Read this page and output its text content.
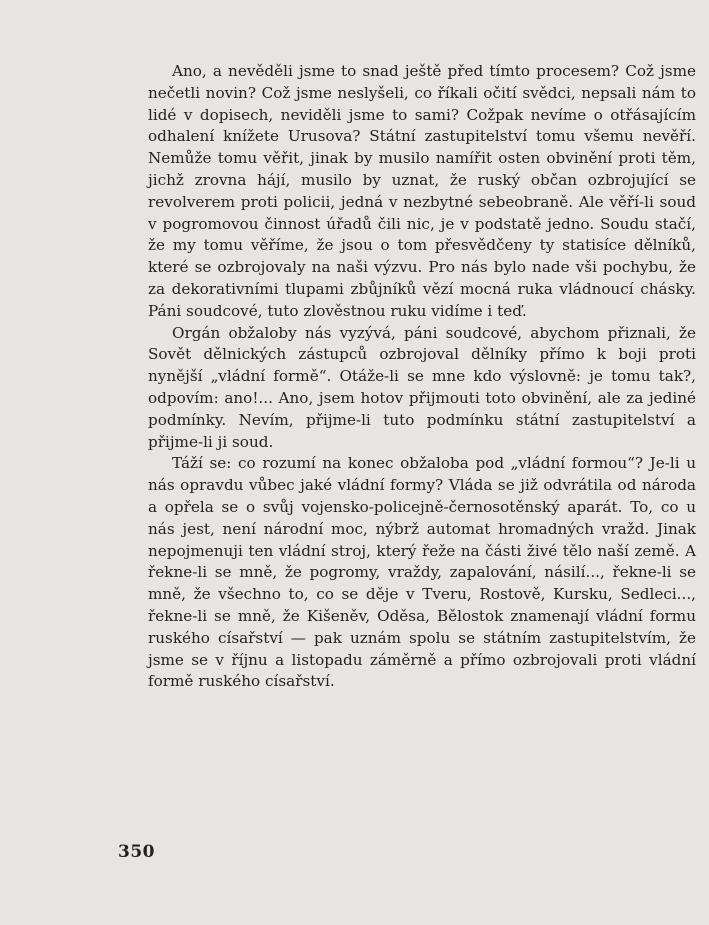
Ano, a nevěděli jsme to snad ještě před tímto procesem? Což jsme nečetli novin? Což jsme neslyšeli, co říkali očití svědci, nepsali nám to lidé v dopisech, neviděli jsme to sami? Cožpak nevíme o otřásajícím odhalení knížete Urusova? Státní zastupitelství tomu všemu nevěří. Nemůže tomu věřit, jinak by musilo namířit osten obvinění proti těm, jichž zrovna hájí, musilo by uznat, že ruský občan ozbrojující se revolverem proti policii, jedná v nezbytné sebeobraně. Ale věří-li soud v pogromovou činnost úřadů čili nic, je v podstatě jedno. Soudu stačí, že my tomu věříme, že jsou o tom přesvědčeny ty statisíce dělníků, které se ozbrojovaly na naši výzvu. Pro nás bylo nade vši pochybu, že za dekorativními tlupami zbůjníků vězí mocná ruka vládnoucí chásky. Páni soudcové, tuto zlověstnou ruku vidíme i teď.

Orgán obžaloby nás vyzývá, páni soudcové, abychom přiznali, že Sovět dělnických zástupců ozbrojoval dělníky přímo k boji proti nynější „vládní formě“. Otáže-li se mne kdo výslovně: je tomu tak?, odpovím: ano!... Ano, jsem hotov přijmouti toto obvinění, ale za jediné podmínky. Nevím, přijme-li tuto podmínku státní zastupitelství a přijme-li ji soud.

Táží se: co rozumí na konec obžaloba pod „vládní formou“? Je-li u nás opravdu vůbec jaké vládní formy? Vláda se již odvrátila od národa a opřela se o svůj vojensko-policejně-černosotěnský aparát. To, co u nás jest, není národní moc, nýbrž automat hromadných vražd. Jinak nepojmenuji ten vládní stroj, který řeže na části živé tělo naší země. A řekne-li se mně, že pogromy, vraždy, zapalování, násilí..., řekne-li se mně, že všechno to, co se děje v Tveru, Rostově, Kursku, Sedleci..., řekne-li se mně, že Kišeněv, Oděsa, Bělostok znamenají vládní formu ruského císařství — pak uznám spolu se státním zastupitelstvím, že jsme se v říjnu a listopadu záměrně a přímo ozbrojovali proti vládní formě ruského císařství.

350
